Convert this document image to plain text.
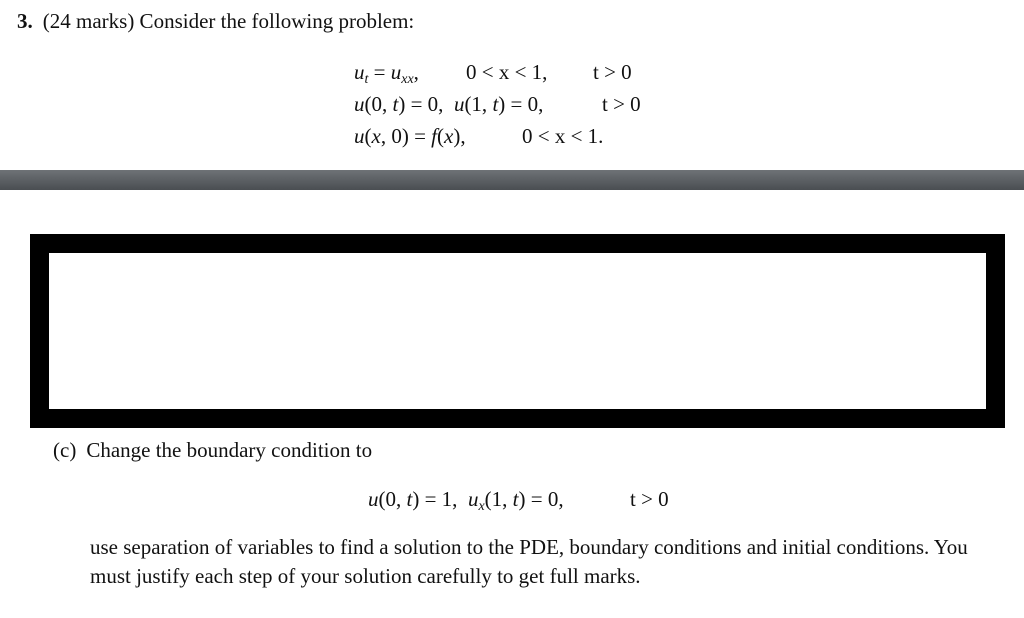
3. (24 marks) Consider the following problem:
$u_t = u_{xx}$, 0 < x < 1, t > 0
u(0, t) = 0,  u(1, t) = 0,	t > 0
u(x, 0) = f(x),	0 < x < 1.
(c) Change the boundary condition to
u(0, t) = 1,  $u_x(1$, t) = 0,	t > 0
use separation of variables to find a solution to the PDE, boundary conditions and initial conditions. You must justify each step of your solution carefully to get full marks.
